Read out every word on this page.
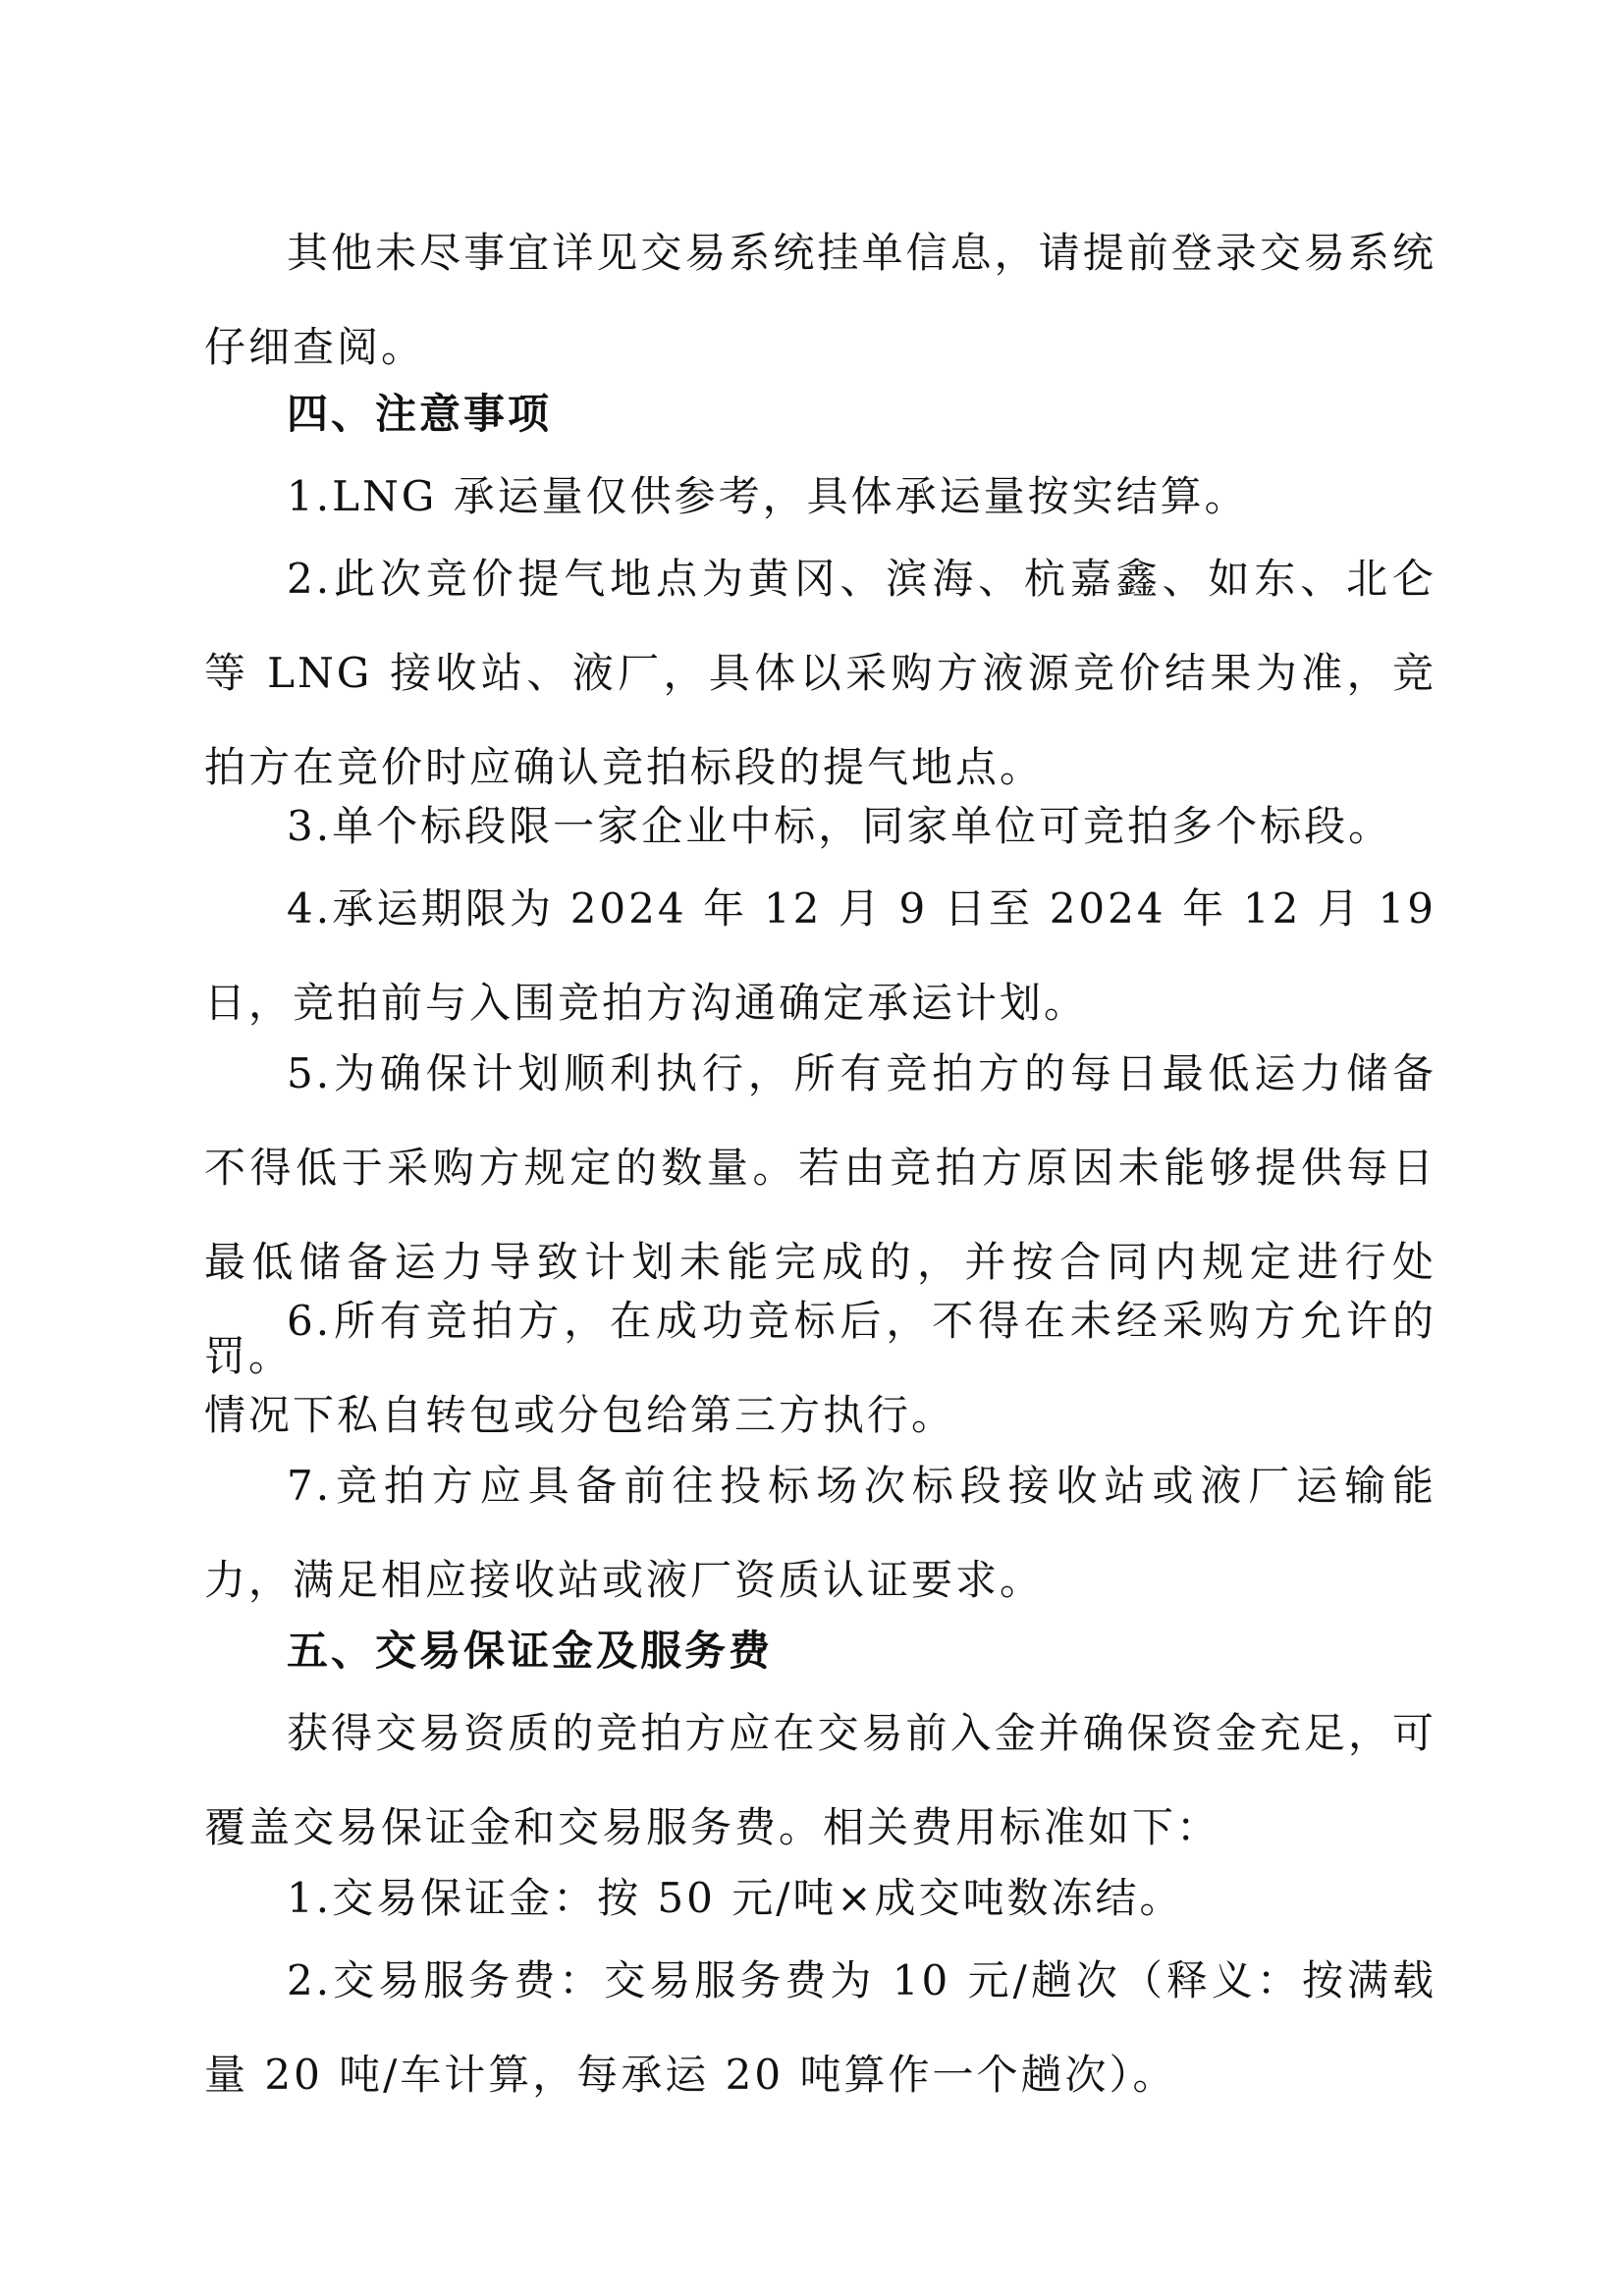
其他未尽事宜详见交易系统挂单信息，请提前登录交易系统仔细查阅。

四、注意事项

1.LNG 承运量仅供参考，具体承运量按实结算。

2.此次竞价提气地点为黄冈、滨海、杭嘉鑫、如东、北仑等 LNG 接收站、液厂，具体以采购方液源竞价结果为准，竞拍方在竞价时应确认竞拍标段的提气地点。

3.单个标段限一家企业中标，同家单位可竞拍多个标段。

4.承运期限为 2024 年 12 月 9 日至 2024 年 12 月 19 日，竞拍前与入围竞拍方沟通确定承运计划。

5.为确保计划顺利执行，所有竞拍方的每日最低运力储备不得低于采购方规定的数量。若由竞拍方原因未能够提供每日最低储备运力导致计划未能完成的，并按合同内规定进行处罚。

6.所有竞拍方，在成功竞标后，不得在未经采购方允许的情况下私自转包或分包给第三方执行。

7.竞拍方应具备前往投标场次标段接收站或液厂运输能力，满足相应接收站或液厂资质认证要求。

五、交易保证金及服务费

获得交易资质的竞拍方应在交易前入金并确保资金充足，可覆盖交易保证金和交易服务费。相关费用标准如下：

1.交易保证金：按 50 元/吨×成交吨数冻结。

2.交易服务费：交易服务费为 10 元/趟次（释义：按满载量 20 吨/车计算，每承运 20 吨算作一个趟次）。
